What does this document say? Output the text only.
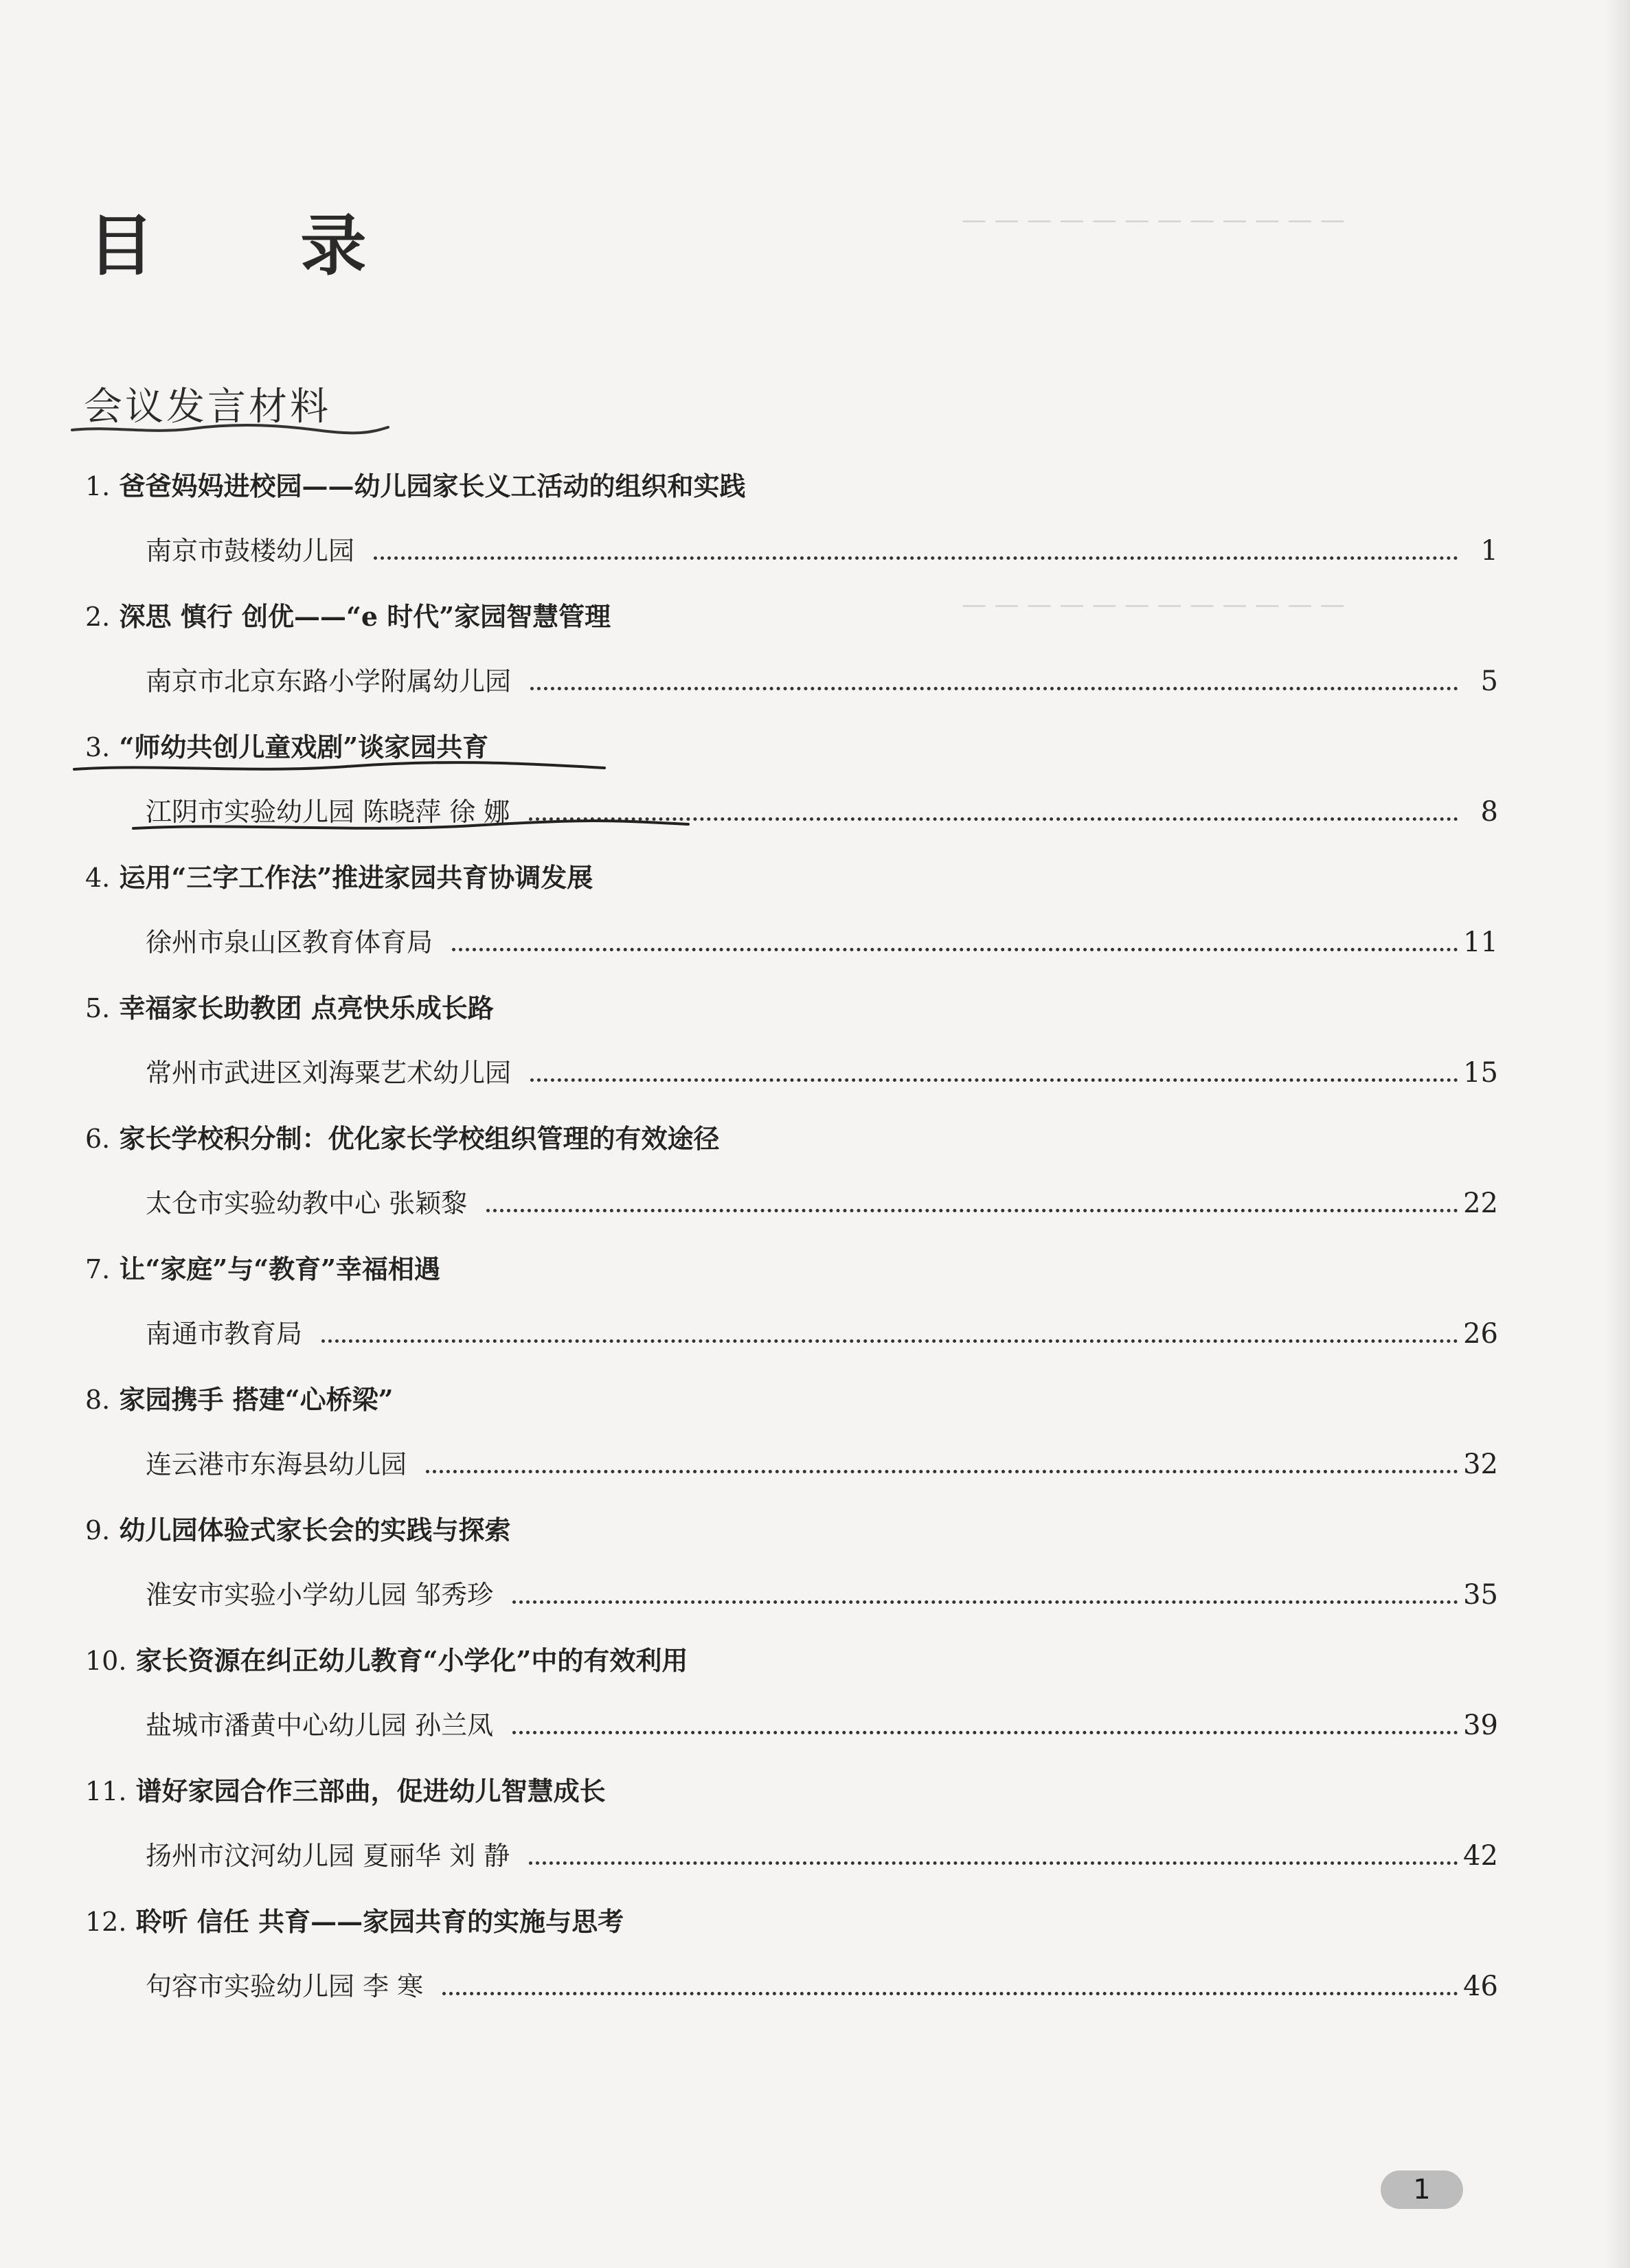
— — — — — — — — — — — —
— — — — — — — — — — — —
目 录
会议发言材料
1. 爸爸妈妈进校园——幼儿园家长义工活动的组织和实践
南京市鼓楼幼儿园	1
2. 深思 慎行 创优——“e 时代”家园智慧管理
南京市北京东路小学附属幼儿园	5
3. “师幼共创儿童戏剧”谈家园共育
江阴市实验幼儿园 陈晓萍 徐 娜	8
4. 运用“三字工作法”推进家园共育协调发展
徐州市泉山区教育体育局	11
5. 幸福家长助教团 点亮快乐成长路
常州市武进区刘海粟艺术幼儿园	15
6. 家长学校积分制：优化家长学校组织管理的有效途径
太仓市实验幼教中心 张颖黎	22
7. 让“家庭”与“教育”幸福相遇
南通市教育局	26
8. 家园携手 搭建“心桥梁”
连云港市东海县幼儿园	32
9. 幼儿园体验式家长会的实践与探索
淮安市实验小学幼儿园 邹秀珍	35
10. 家长资源在纠正幼儿教育“小学化”中的有效利用
盐城市潘黄中心幼儿园 孙兰凤	39
11. 谱好家园合作三部曲，促进幼儿智慧成长
扬州市汶河幼儿园 夏丽华 刘 静	42
12. 聆听 信任 共育——家园共育的实施与思考
句容市实验幼儿园 李 寒	46
1
